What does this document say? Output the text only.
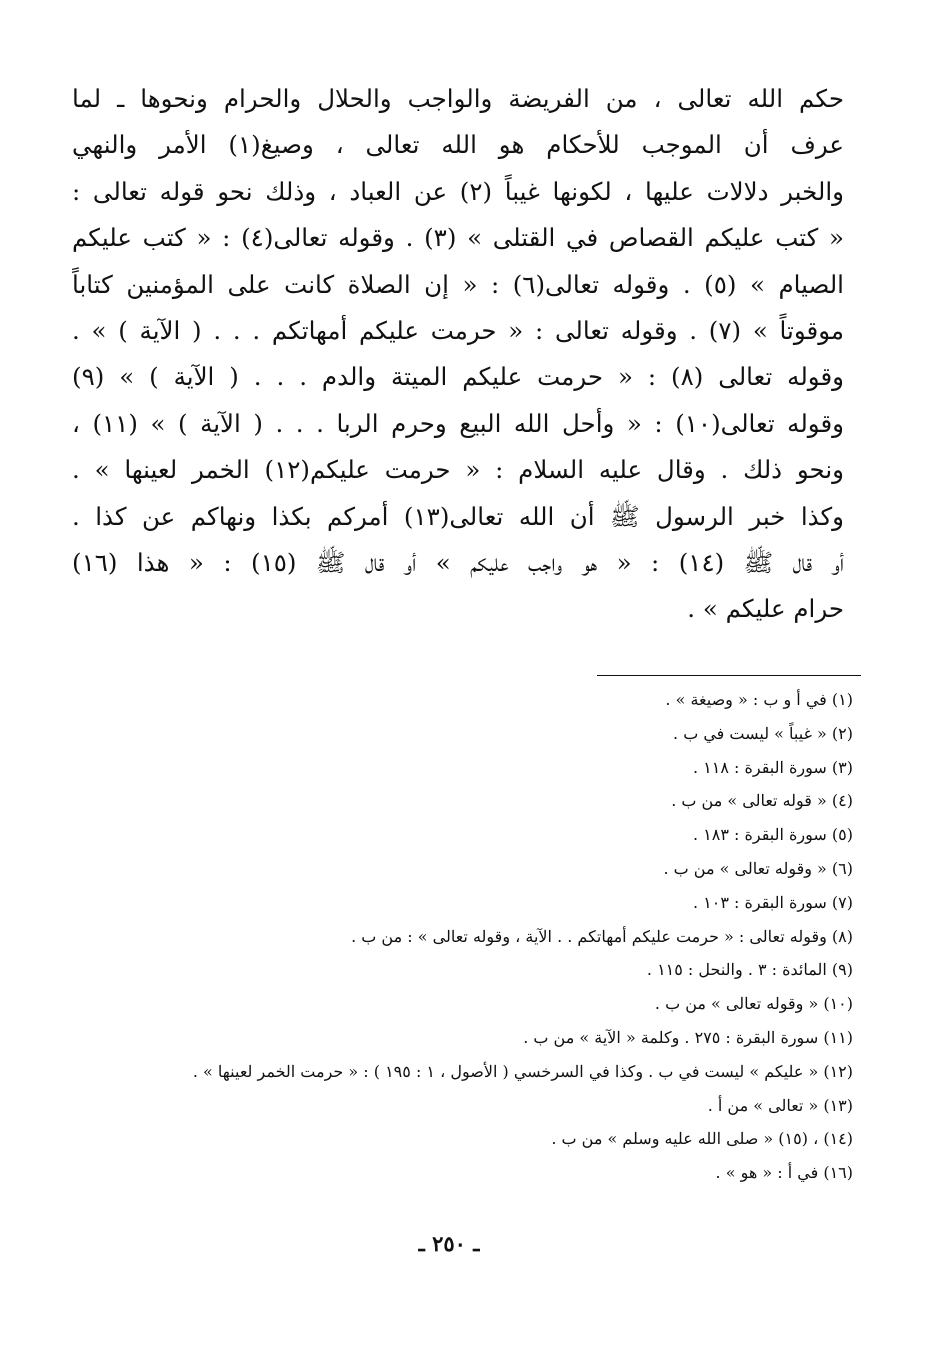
حكم الله تعالى ، من الفريضة والواجب والحلال والحرام ونحوها ـ لما
عرف أن الموجب للأحكام هو الله تعالى ، وصيغ(١) الأمر والنهي
والخبر دلالات عليها ، لكونها غيباً (٢) عن العباد ، وذلك نحو قوله تعالى :
« كتب عليكم القصاص في القتلى » (٣) . وقوله تعالى(٤) : « كتب عليكم
الصيام » (٥) . وقوله تعالى(٦) : « إن الصلاة كانت على المؤمنين كتاباً
موقوتاً » (٧) . وقوله تعالى : « حرمت عليكم أمهاتكم . . . ( الآية ) » .
وقوله تعالى (٨) : « حرمت عليكم الميتة والدم . . . ( الآية ) » (٩)
وقوله تعالى(١٠) : « وأحل الله البيع وحرم الربا . . . ( الآية ) » (١١) ،
ونحو ذلك . وقال عليه السلام : « حرمت عليكم(١٢) الخمر لعينها » .
وكذا خبر الرسول ﷺ أن الله تعالى(١٣) أمركم بكذا ونهاكم عن كذا .
أو قال ﷺ (١٤) : « هو واجب عليكم » أو قال ﷺ (١٥) : « هذا (١٦)
حرام عليكم » .
(١) في أ و ب : « وصيغة » .
(٢) « غيباً » ليست في ب .
(٣) سورة البقرة : ١١٨ .
(٤) « قوله تعالى » من ب .
(٥) سورة البقرة : ١٨٣ .
(٦) « وقوله تعالى » من ب .
(٧) سورة البقرة : ١٠٣ .
(٨) وقوله تعالى : « حرمت عليكم أمهاتكم . . الآية ، وقوله تعالى » : من ب .
(٩) المائدة : ٣ . والنحل : ١١٥ .
(١٠) « وقوله تعالى » من ب .
(١١) سورة البقرة : ٢٧٥ . وكلمة « الآية » من ب .
(١٢) « عليكم » ليست في ب . وكذا في السرخسي ( الأصول ، ١ : ١٩٥ ) : « حرمت الخمر لعينها » .
(١٣) « تعالى » من أ .
(١٤) ، (١٥) « صلى الله عليه وسلم » من ب .
(١٦) في أ : « هو » .
ـ ٢٥٠ ـ
